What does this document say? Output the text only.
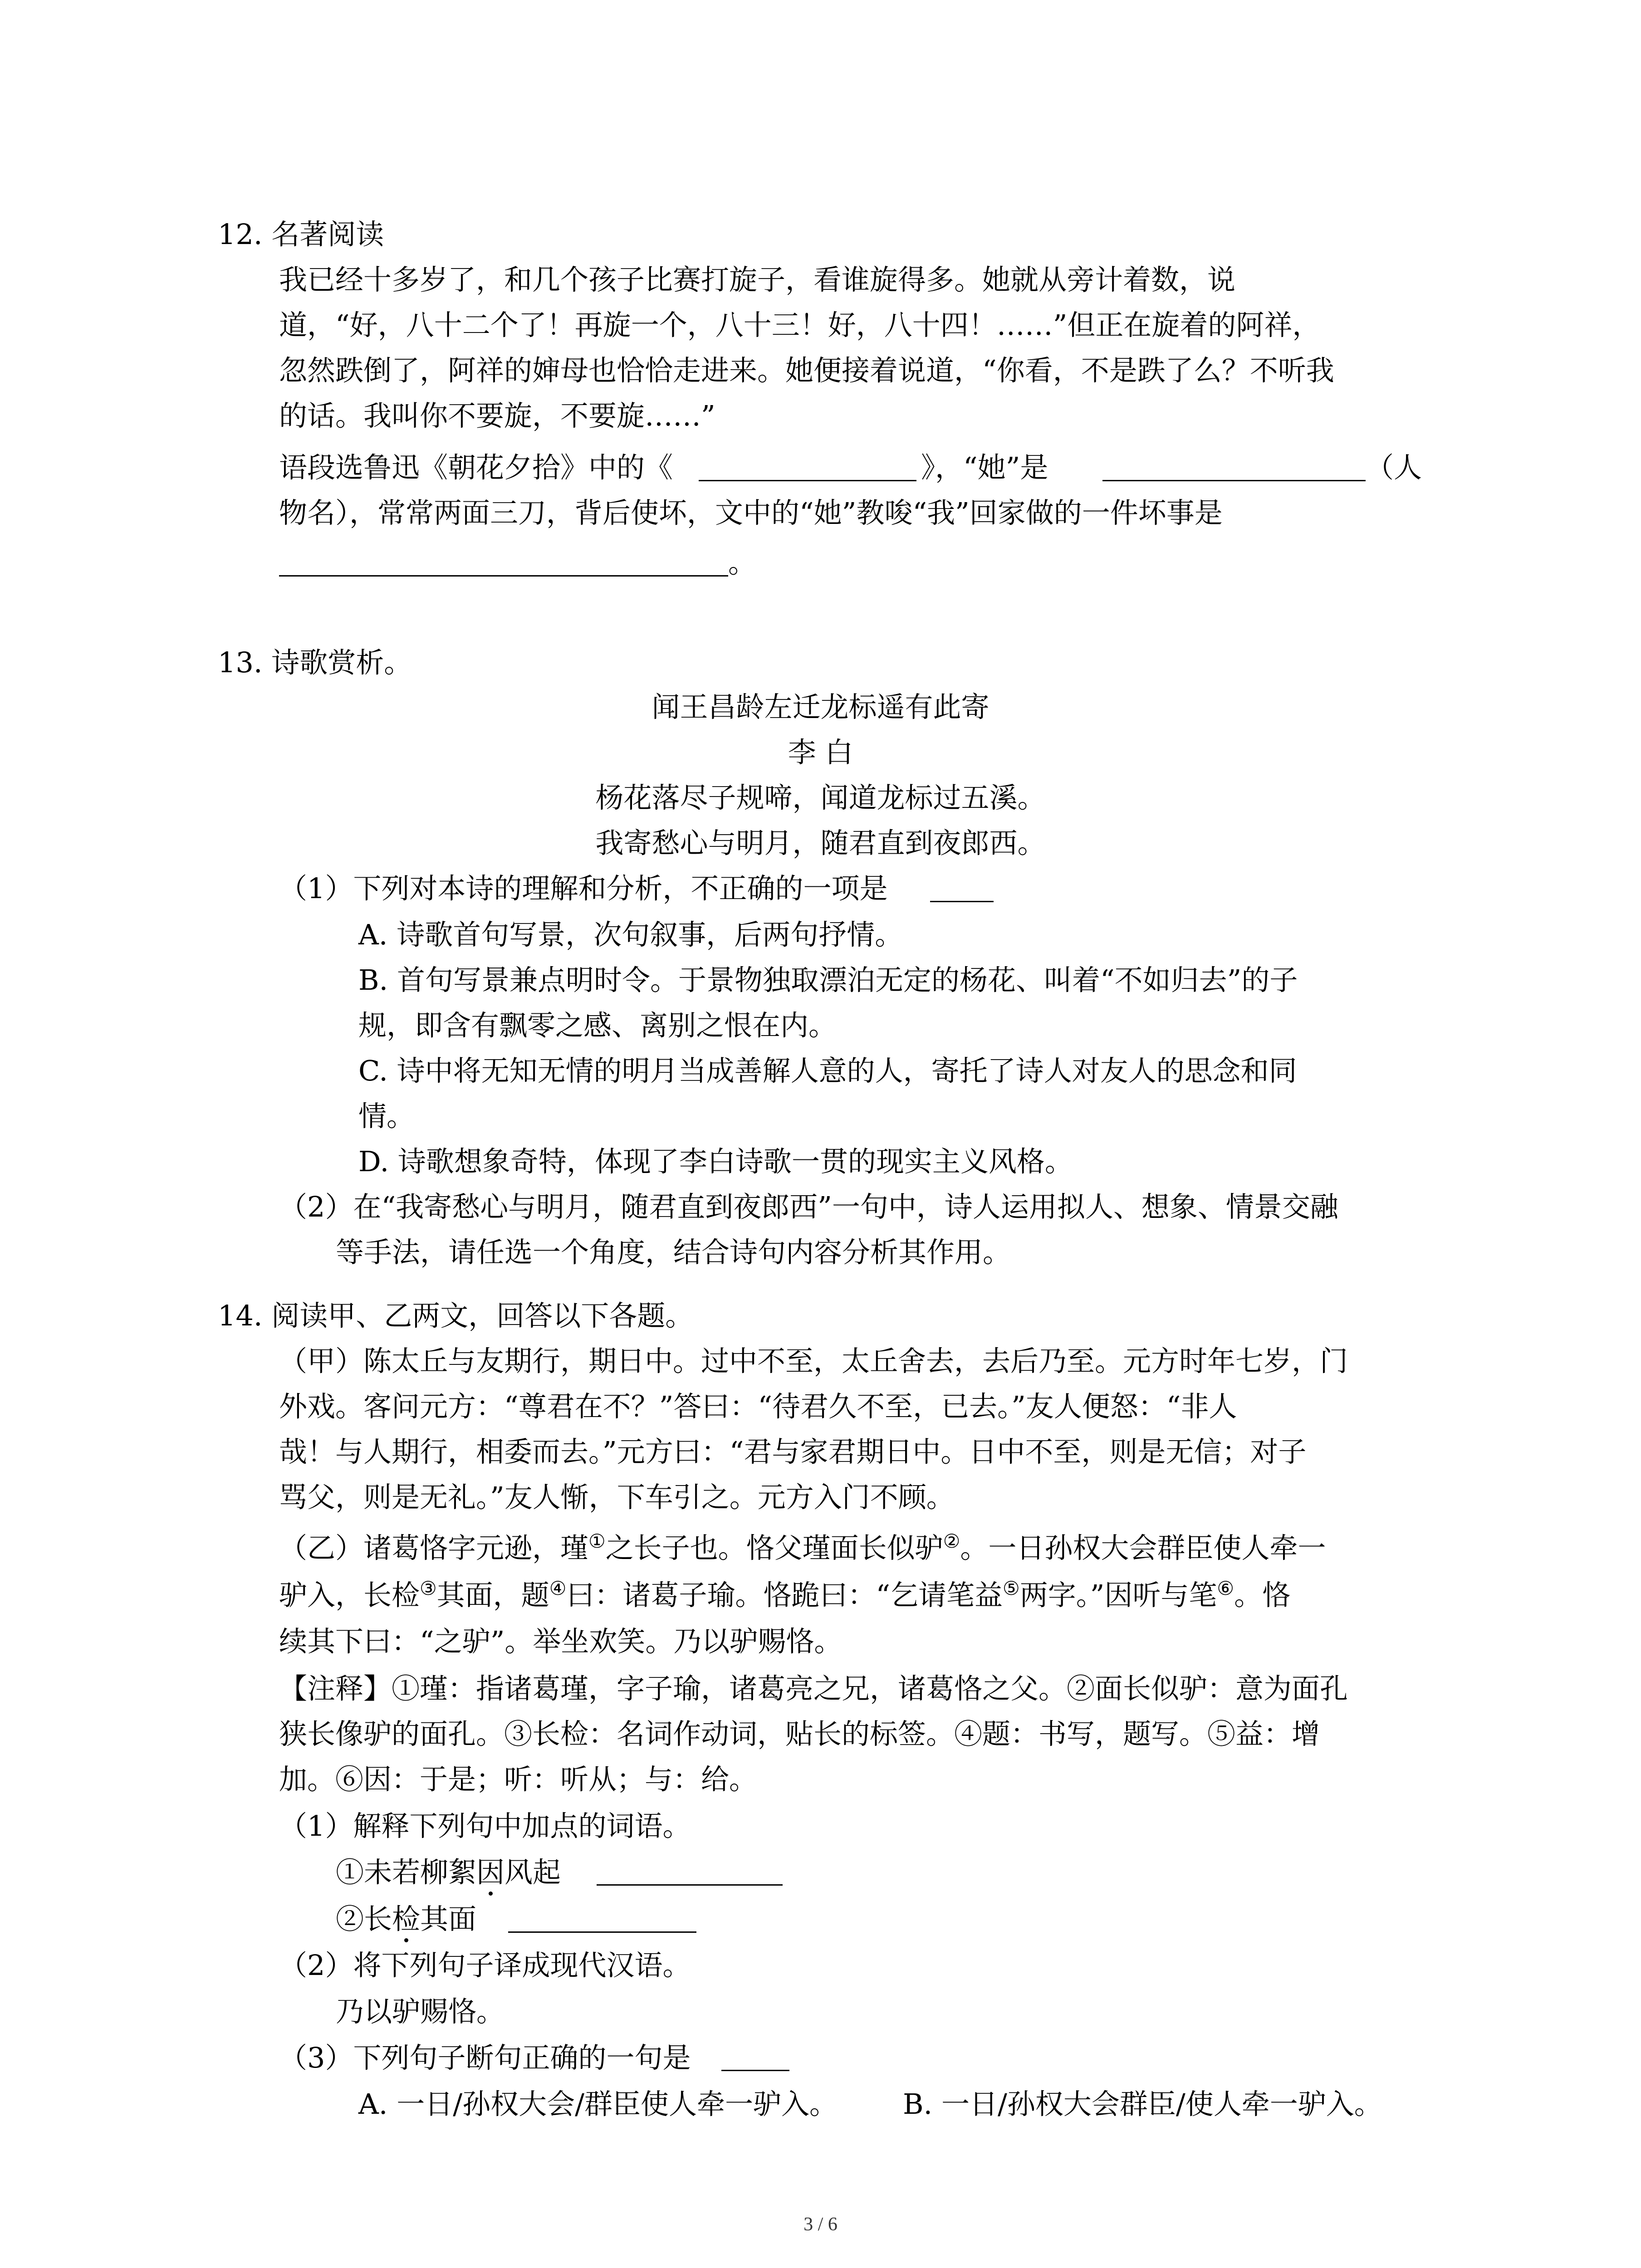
12. 名著阅读
我已经十多岁了，和几个孩子比赛打旋子，看谁旋得多。她就从旁计着数，说
道，“好，八十二个了！再旋一个，八十三！好，八十四！……”但正在旋着的阿祥，
忽然跌倒了，阿祥的婶母也恰恰走进来。她便接着说道，“你看，不是跌了么？不听我
的话。我叫你不要旋，不要旋……”
语段选鲁迅《朝花夕拾》中的《	》，“她”是	（人
物名），常常两面三刀，背后使坏，文中的“她”教唆“我”回家做的一件坏事是
。
13. 诗歌赏析。
闻王昌龄左迁龙标遥有此寄
李 白
杨花落尽子规啼，闻道龙标过五溪。
我寄愁心与明月，随君直到夜郎西。
（1）下列对本诗的理解和分析，不正确的一项是
A. 诗歌首句写景，次句叙事，后两句抒情。
B. 首句写景兼点明时令。于景物独取漂泊无定的杨花、叫着“不如归去”的子
规，即含有飘零之感、离别之恨在内。
C. 诗中将无知无情的明月当成善解人意的人，寄托了诗人对友人的思念和同
情。
D. 诗歌想象奇特，体现了李白诗歌一贯的现实主义风格。
（2）在“我寄愁心与明月，随君直到夜郎西”一句中，诗人运用拟人、想象、情景交融
等手法，请任选一个角度，结合诗句内容分析其作用。
14. 阅读甲、乙两文，回答以下各题。
（甲）陈太丘与友期行，期日中。过中不至，太丘舍去，去后乃至。元方时年七岁，门
外戏。客问元方：“尊君在不？”答曰：“待君久不至，已去。”友人便怒：“非人
哉！与人期行，相委而去。”元方曰：“君与家君期日中。日中不至，则是无信；对子
骂父，则是无礼。”友人惭，下车引之。元方入门不顾。
（乙）诸葛恪字元逊，瑾①之长子也。恪父瑾面长似驴②。一日孙权大会群臣使人牵一
驴入，长检③其面，题④曰：诸葛子瑜。恪跪曰：“乞请笔益⑤两字。”因听与笔⑥。恪
续其下曰：“之驴”。举坐欢笑。乃以驴赐恪。
【注释】①瑾：指诸葛瑾，字子瑜，诸葛亮之兄，诸葛恪之父。②面长似驴：意为面孔
狭长像驴的面孔。③长检：名词作动词，贴长的标签。④题：书写，题写。⑤益：增
加。⑥因：于是；听：听从；与：给。
（1）解释下列句中加点的词语。
①未若柳絮因风起
②长检其面
（2）将下列句子译成现代汉语。
乃以驴赐恪。
（3）下列句子断句正确的一句是
A. 一日/孙权大会/群臣使人牵一驴入。 B. 一日/孙权大会群臣/使人牵一驴入。
3 / 6
